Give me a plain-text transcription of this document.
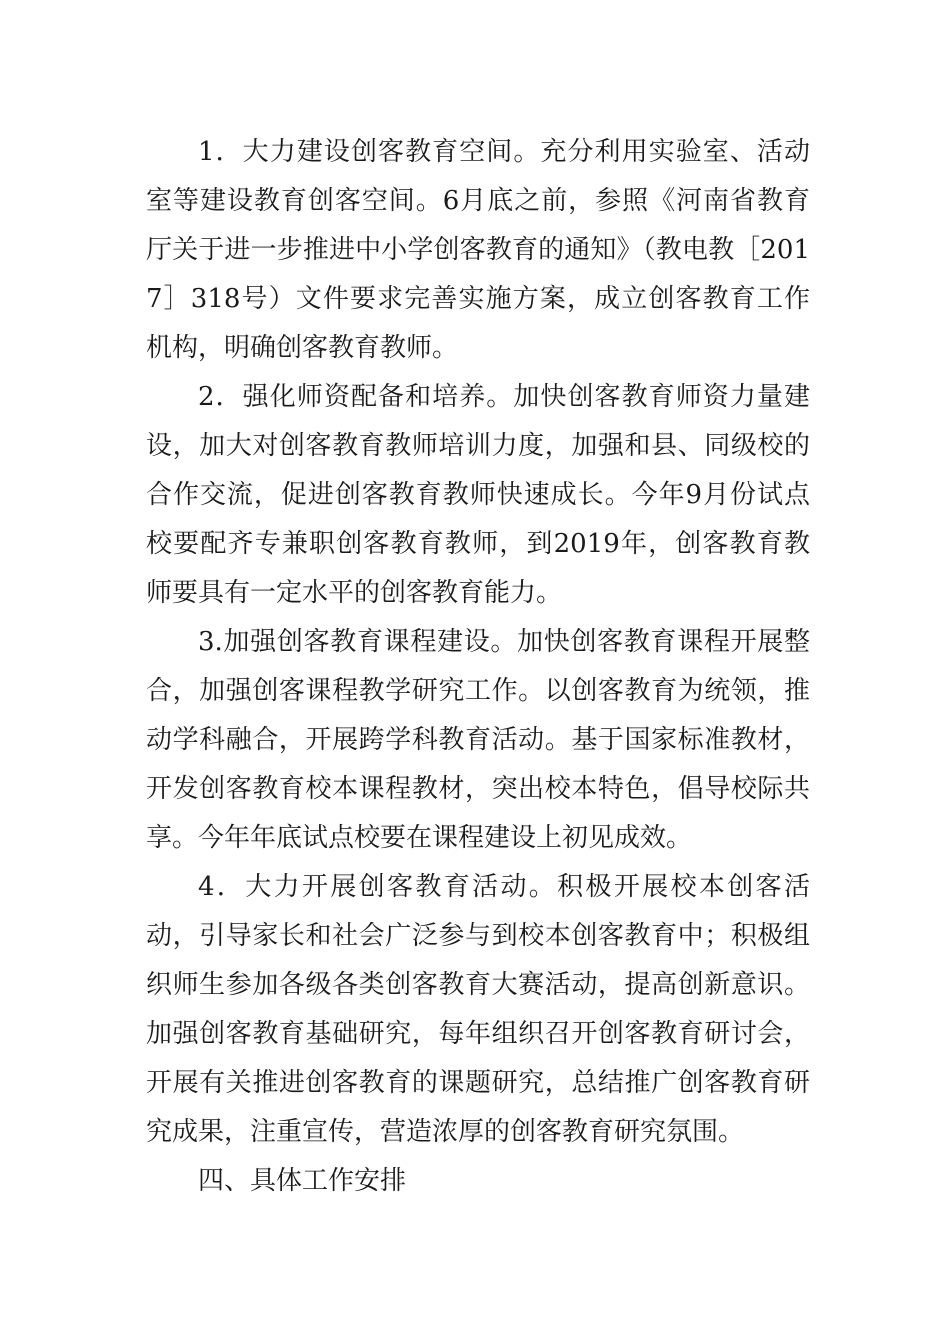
1．大力建设创客教育空间。充分利用实验室、活动室等建设教育创客空间。6月底之前，参照《河南省教育厅关于进一步推进中小学创客教育的通知》（教电教［2017］318号）文件要求完善实施方案，成立创客教育工作机构，明确创客教育教师。

2．强化师资配备和培养。加快创客教育师资力量建设，加大对创客教育教师培训力度，加强和县、同级校的合作交流，促进创客教育教师快速成长。今年9月份试点校要配齐专兼职创客教育教师，到2019年，创客教育教师要具有一定水平的创客教育能力。

3.加强创客教育课程建设。加快创客教育课程开展整合，加强创客课程教学研究工作。以创客教育为统领，推动学科融合，开展跨学科教育活动。基于国家标准教材，开发创客教育校本课程教材，突出校本特色，倡导校际共享。今年年底试点校要在课程建设上初见成效。

4．大力开展创客教育活动。积极开展校本创客活动，引导家长和社会广泛参与到校本创客教育中；积极组织师生参加各级各类创客教育大赛活动，提高创新意识。加强创客教育基础研究，每年组织召开创客教育研讨会，开展有关推进创客教育的课题研究，总结推广创客教育研究成果，注重宣传，营造浓厚的创客教育研究氛围。

四、具体工作安排
